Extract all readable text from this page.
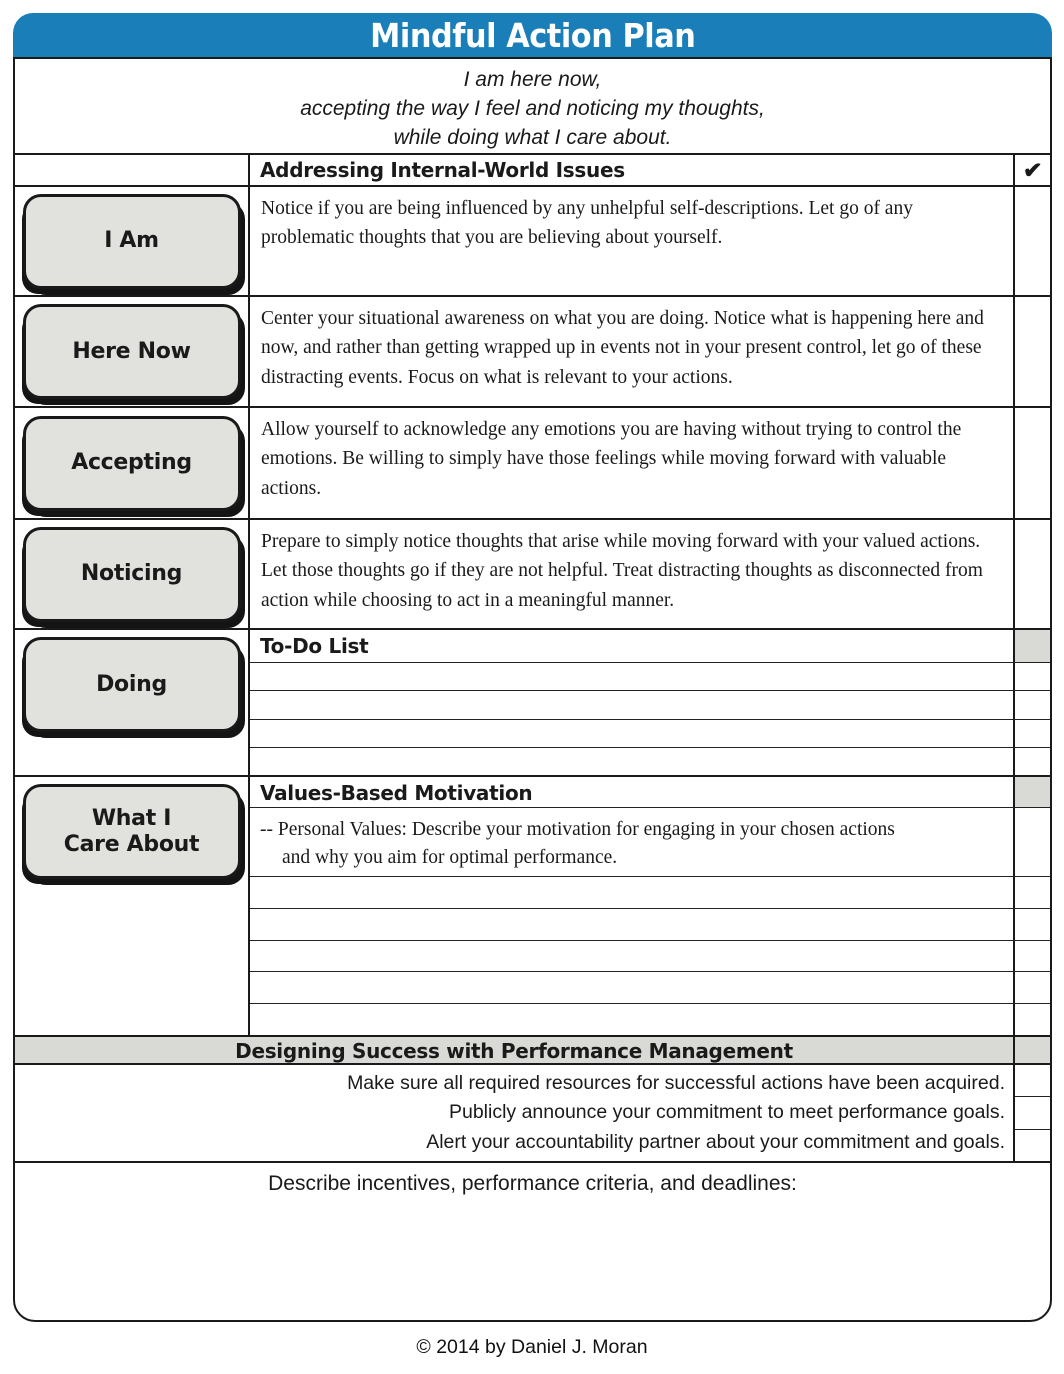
Mindful Action Plan
I am here now,
accepting the way I feel and noticing my thoughts,
while doing what I care about.
Addressing Internal-World Issues	✔
I Am
Notice if you are being influenced by any unhelpful self-descriptions. Let go of any problematic thoughts that you are believing about yourself.
Here Now
Center your situational awareness on what you are doing. Notice what is happening here and now, and rather than getting wrapped up in events not in your present control, let go of these distracting events. Focus on what is relevant to your actions.
Accepting
Allow yourself to acknowledge any emotions you are having without trying to control the emotions. Be willing to simply have those feelings while moving forward with valuable actions.
Noticing
Prepare to simply notice thoughts that arise while moving forward with your valued actions. Let those thoughts go if they are not helpful. Treat distracting thoughts as disconnected from action while choosing to act in a meaningful manner.
Doing
To-Do List
What I
Care About
Values-Based Motivation
-- Personal Values: Describe your motivation for engaging in your chosen actions
and why you aim for optimal performance.
Designing Success with Performance Management
Make sure all required resources for successful actions have been acquired.
Publicly announce your commitment to meet performance goals.
Alert your accountability partner about your commitment and goals.
Describe incentives, performance criteria, and deadlines:
© 2014 by Daniel J. Moran
